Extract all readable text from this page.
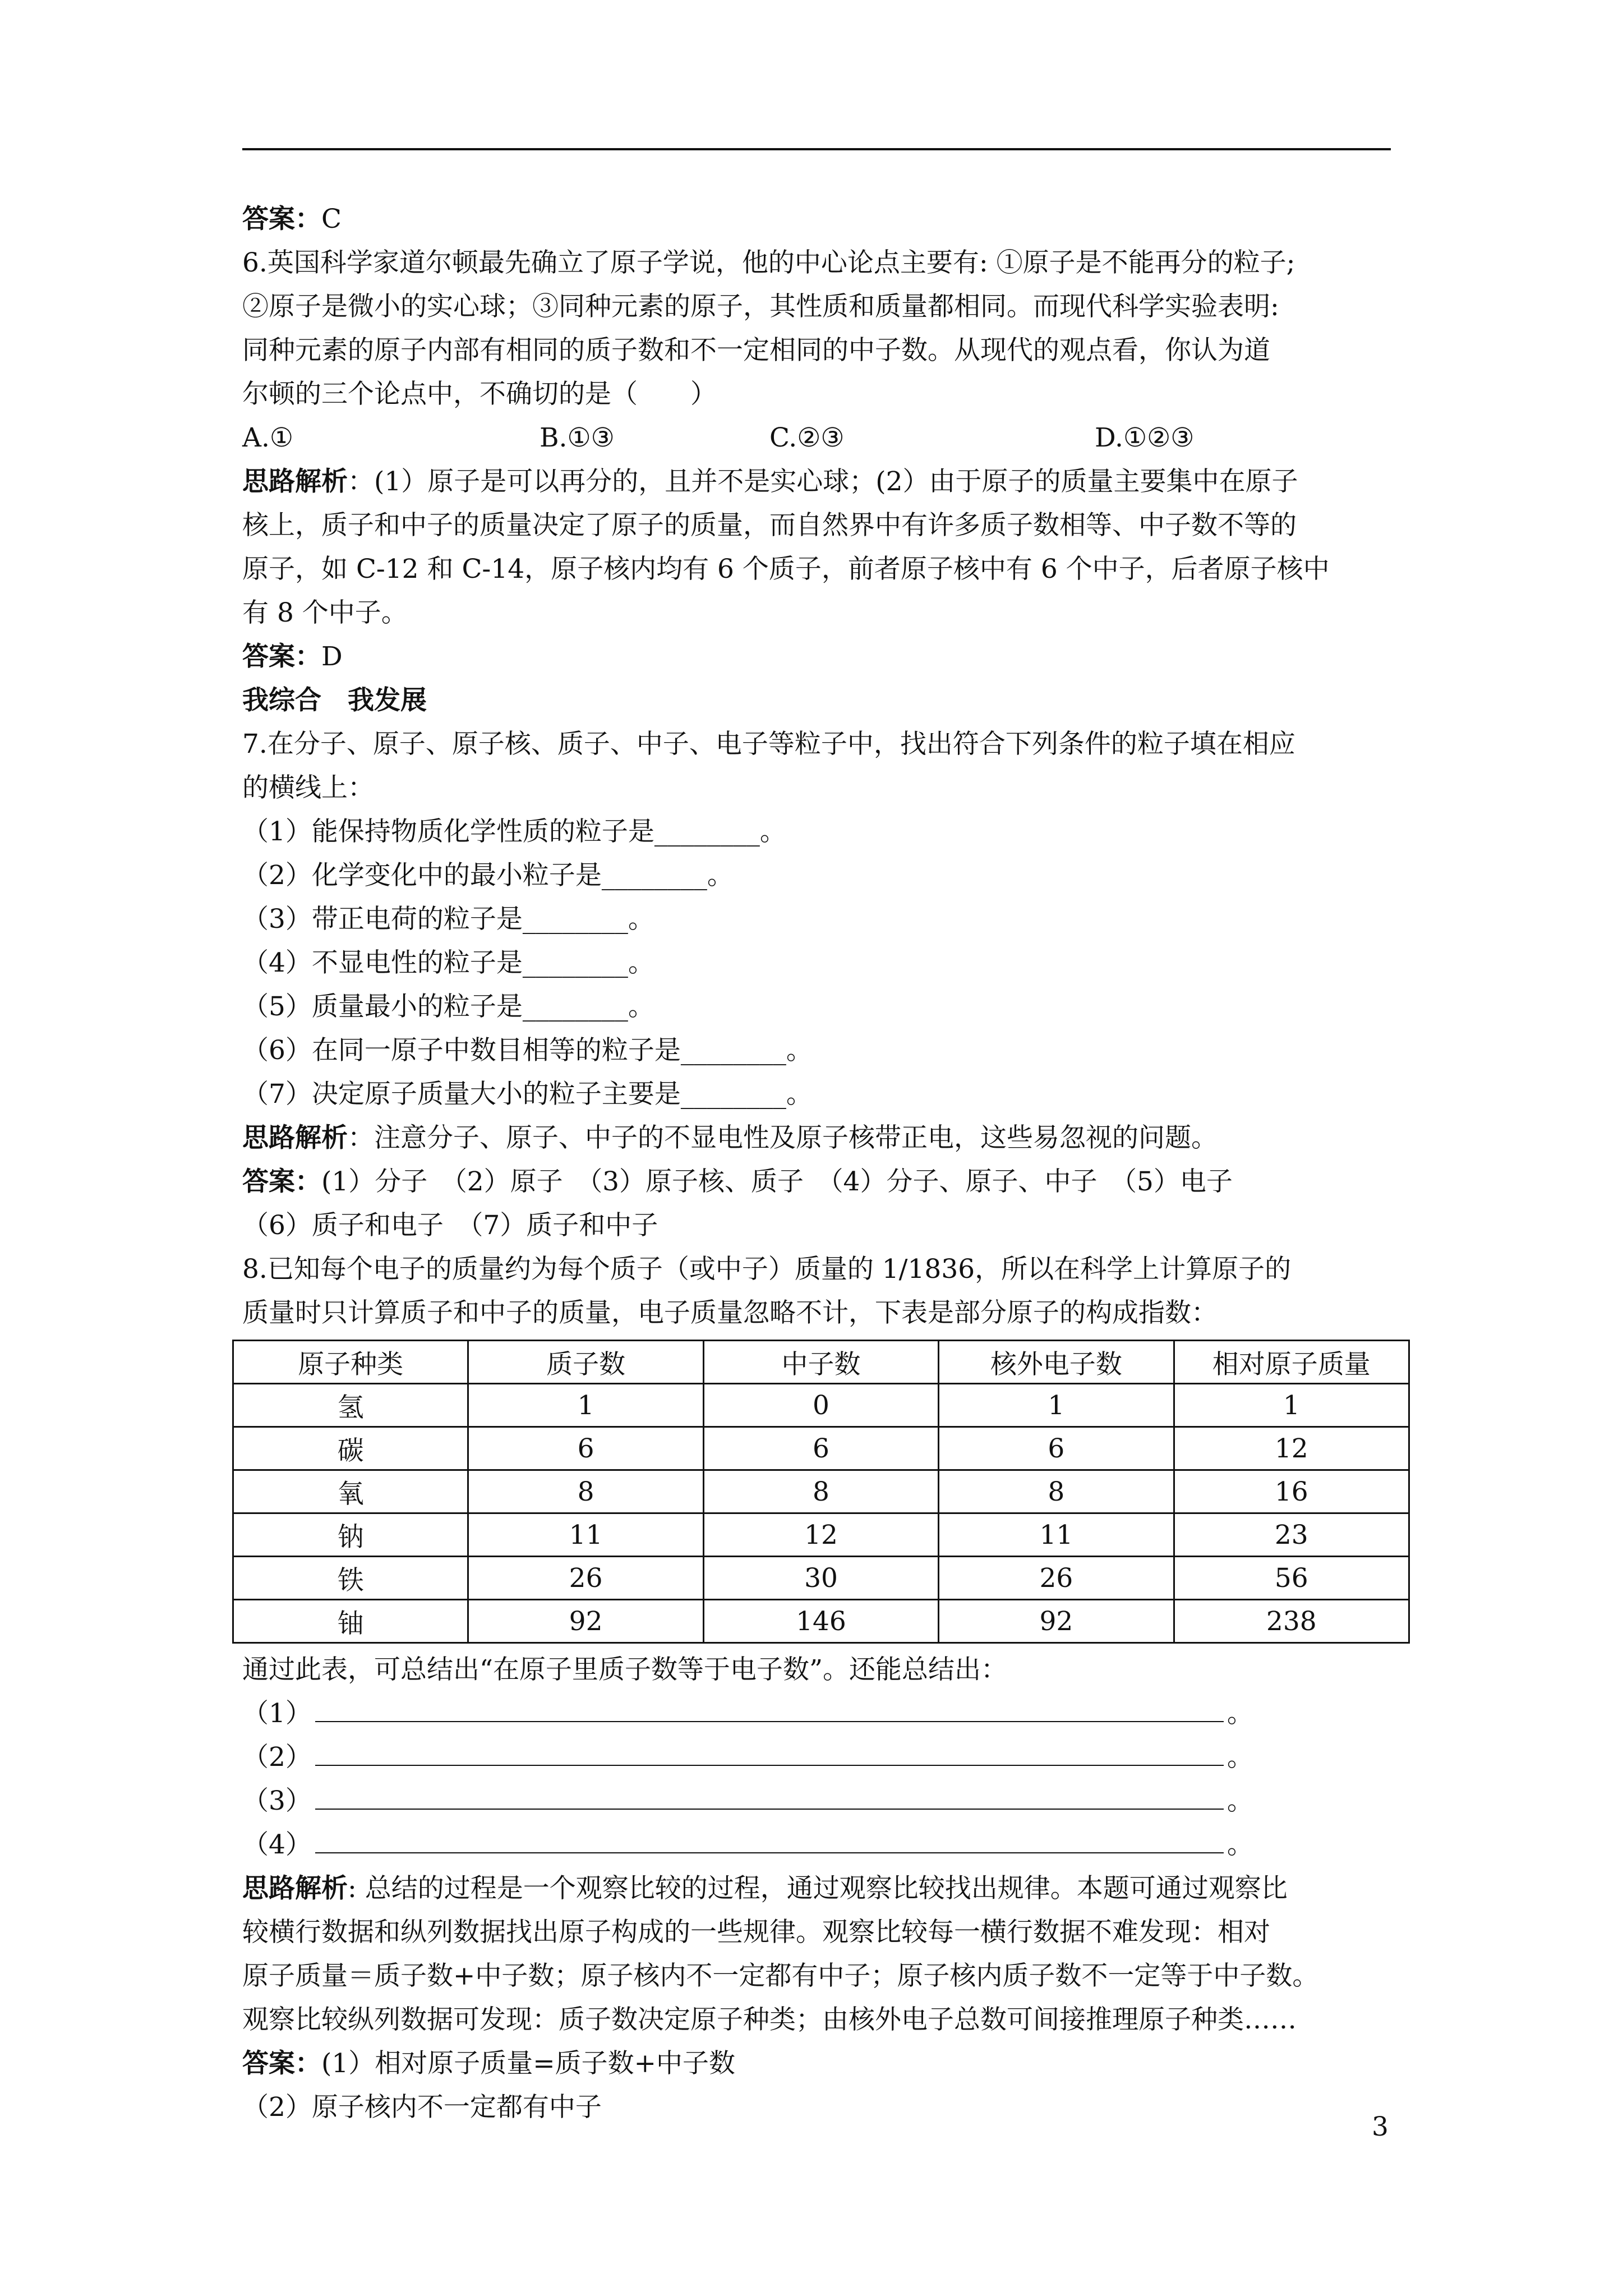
答案：C
6.英国科学家道尔顿最先确立了原子学说，他的中心论点主要有: ①原子是不能再分的粒子;
②原子是微小的实心球；③同种元素的原子，其性质和质量都相同。而现代科学实验表明:
同种元素的原子内部有相同的质子数和不一定相同的中子数。从现代的观点看，你认为道
尔顿的三个论点中，不确切的是（　　）
A.①	B.①③	C.②③	D.①②③
思路解析：(1）原子是可以再分的，且并不是实心球；(2）由于原子的质量主要集中在原子
核上，质子和中子的质量决定了原子的质量，而自然界中有许多质子数相等、中子数不等的
原子，如 C-12 和 C-14，原子核内均有 6 个质子，前者原子核中有 6 个中子，后者原子核中
有 8 个中子。
答案：D
我综合　我发展
7.在分子、原子、原子核、质子、中子、电子等粒子中，找出符合下列条件的粒子填在相应
的横线上：
（1）能保持物质化学性质的粒子是________。
（2）化学变化中的最小粒子是________。
（3）带正电荷的粒子是________。
（4）不显电性的粒子是________。
（5）质量最小的粒子是________。
（6）在同一原子中数目相等的粒子是________。
（7）决定原子质量大小的粒子主要是________。
思路解析：注意分子、原子、中子的不显电性及原子核带正电，这些易忽视的问题。
答案：(1）分子　（2）原子　（3）原子核、质子　（4）分子、原子、中子　（5）电子
（6）质子和电子　（7）质子和中子
8.已知每个电子的质量约为每个质子（或中子）质量的 1/1836，所以在科学上计算原子的
质量时只计算质子和中子的质量，电子质量忽略不计，下表是部分原子的构成指数：
原子种类	质子数	中子数	核外电子数	相对原子质量
氢	1	0	1	1
碳	6	6	6	12
氧	8	8	8	16
钠	11	12	11	23
铁	26	30	26	56
铀	92	146	92	238
通过此表，可总结出“在原子里质子数等于电子数”。还能总结出：
（1）	。
（2）	。
（3）	。
（4）	。
思路解析: 总结的过程是一个观察比较的过程，通过观察比较找出规律。本题可通过观察比
较横行数据和纵列数据找出原子构成的一些规律。观察比较每一横行数据不难发现：相对
原子质量＝质子数+中子数；原子核内不一定都有中子；原子核内质子数不一定等于中子数。
观察比较纵列数据可发现：质子数决定原子种类；由核外电子总数可间接推理原子种类……
答案：(1）相对原子质量=质子数+中子数
（2）原子核内不一定都有中子
3
